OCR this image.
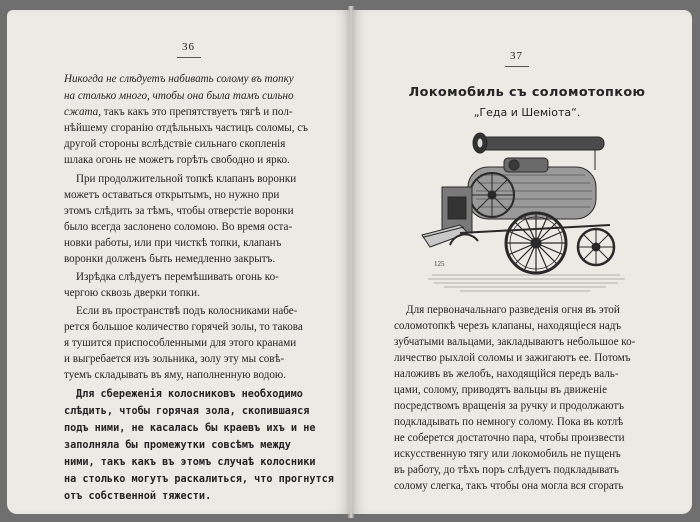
36
Никогда не слѣдуетъ набивать солому въ топку
на столько много, чтобы она была тамъ сильно
сжата, такъ какъ это препятствуетъ тягѣ и пол-
нѣйшему сгоранію отдѣльныхъ частицъ соломы, съ
другой стороны вслѣдствіе сильнаго скопленія
шлака огонь не можетъ горѣть свободно и ярко.
При продолжительной топкѣ клапанъ воронки
можетъ оставаться открытымъ, но нужно при
этомъ слѣдить за тѣмъ, чтобы отверстіе воронки
было всегда заслонено соломою. Во время оста-
новки работы, или при чисткѣ топки, клапанъ
воронки долженъ быть немедленно закрытъ.
Изрѣдка слѣдуетъ перемѣшивать огонь ко-
чергою сквозь дверки топки.
Если въ пространствѣ подъ колосниками набе-
рется большое количество горячей золы, то такова
я тушится приспособленными для этого кранами
и выгребается изъ зольника, золу эту мы совѣ-
туемъ складывать въ яму, наполненную водою.
Для сбереженія колосниковъ необходимо
слѣдить, чтобы горячая зола, скопившаяся
подъ ними, не касалась бы краевъ ихъ и не
заполняла бы промежутки совсѣмъ между
ними, такъ какъ въ этомъ случаѣ колосники
на столько могутъ раскалиться, что прогнутся
отъ собственной тяжести.
37
Локомобиль съ соломотопкою
„Геда и Шеміота“.
125
Для первоначальнаго разведенія огня въ этой
соломотопкѣ черезъ клапаны, находящіеся надъ
зубчатыми вальцами, закладываютъ небольшое ко-
личество рыхлой соломы и зажигаютъ ее. Потомъ
наложивъ въ желобъ, находящійся передъ валь-
цами, солому, приводятъ вальцы въ движеніе
посредствомъ вращенія за ручку и продолжаютъ
подкладывать по немногу солому. Пока въ котлѣ
не соберется достаточно пара, чтобы произвести
искусственную тягу или локомобиль не пущенъ
въ работу, до тѣхъ поръ слѣдуетъ подкладывать
солому слегка, такъ чтобы она могла вся сгорать
